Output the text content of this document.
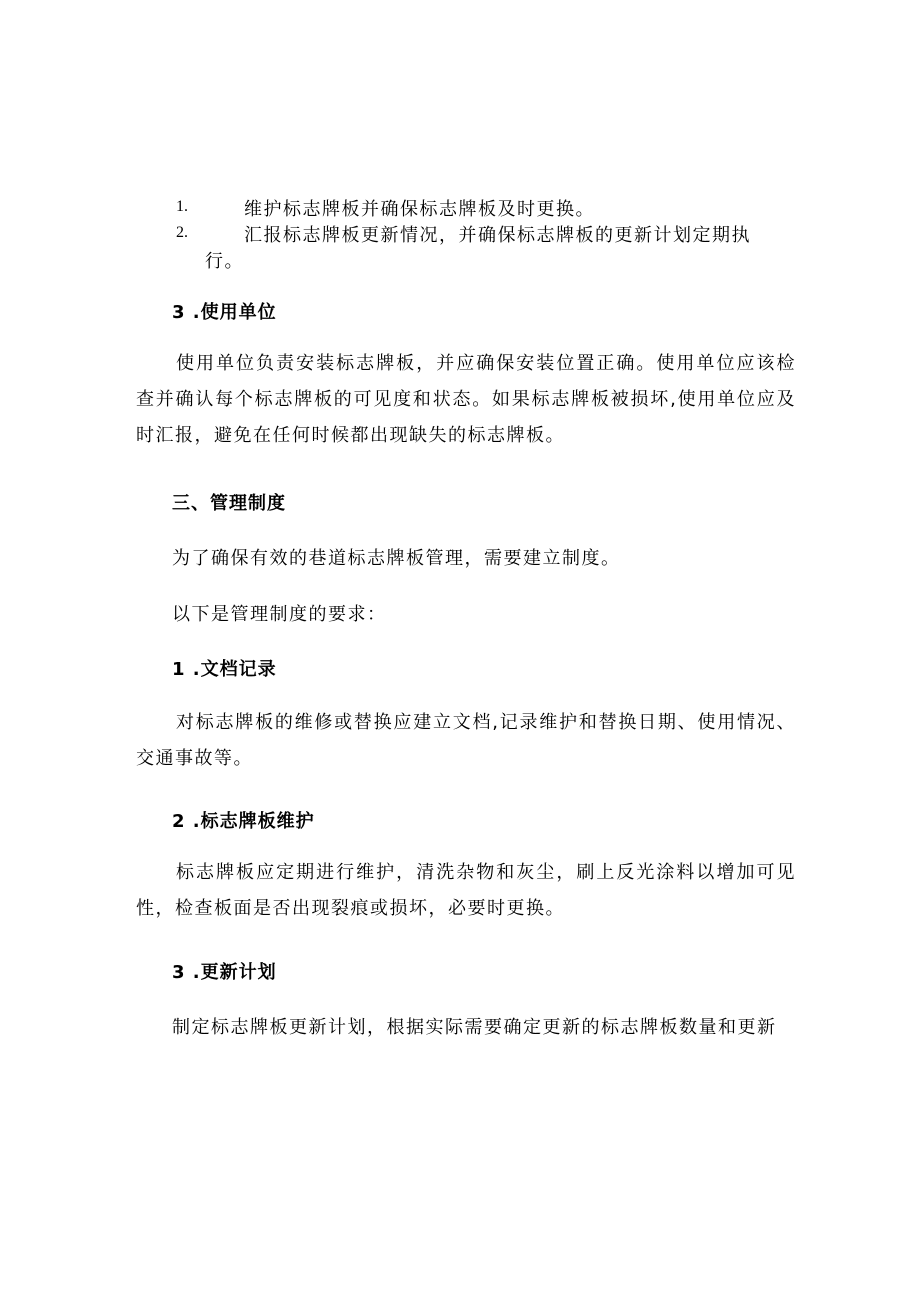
1.	维护标志牌板并确保标志牌板及时更换。

2.	汇报标志牌板更新情况，并确保标志牌板的更新计划定期执

行。

3 .使用单位

使用单位负责安装标志牌板，并应确保安装位置正确。使用单位应该检查并确认每个标志牌板的可见度和状态。如果标志牌板被损坏,使用单位应及时汇报，避免在任何时候都出现缺失的标志牌板。

三、管理制度

为了确保有效的巷道标志牌板管理，需要建立制度。

以下是管理制度的要求：

1 .文档记录

对标志牌板的维修或替换应建立文档,记录维护和替换日期、使用情况、交通事故等。

2 .标志牌板维护

标志牌板应定期进行维护，清洗杂物和灰尘，刷上反光涂料以增加可见性，检查板面是否出现裂痕或损坏，必要时更换。

3 .更新计划

制定标志牌板更新计划，根据实际需要确定更新的标志牌板数量和更新
